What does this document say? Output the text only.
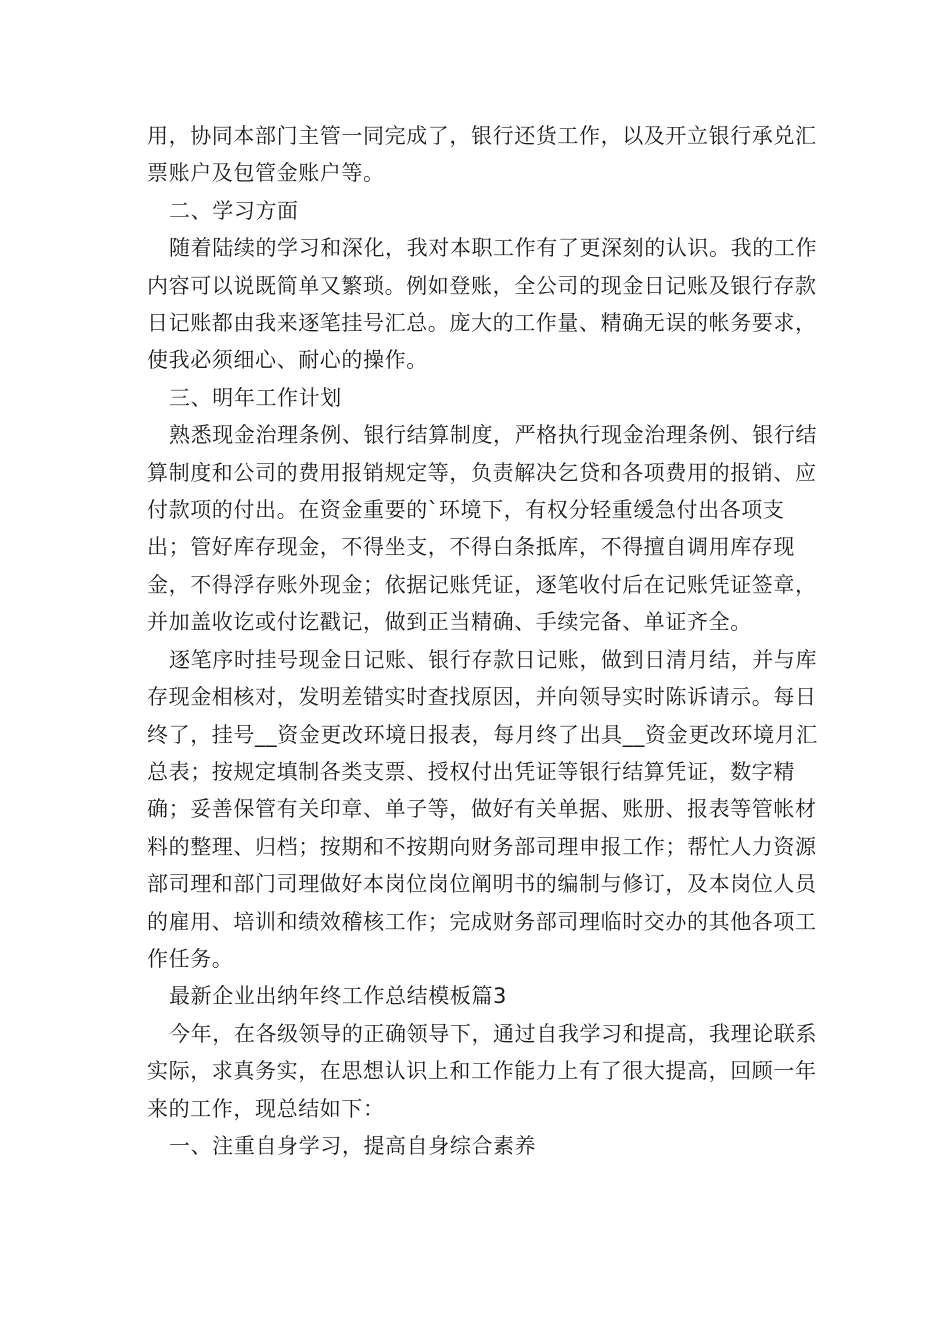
用，协同本部门主管一同完成了，银行还货工作，以及开立银行承兑汇票账户及包管金账户等。

二、学习方面

随着陆续的学习和深化，我对本职工作有了更深刻的认识。我的工作内容可以说既简单又繁琐。例如登账，全公司的现金日记账及银行存款日记账都由我来逐笔挂号汇总。庞大的工作量、精确无误的帐务要求，使我必须细心、耐心的操作。

三、明年工作计划

熟悉现金治理条例、银行结算制度，严格执行现金治理条例、银行结算制度和公司的费用报销规定等，负责解决乞贷和各项费用的报销、应付款项的付出。在资金重要的`环境下，有权分轻重缓急付出各项支出；管好库存现金，不得坐支，不得白条抵库，不得擅自调用库存现金，不得浮存账外现金；依据记账凭证，逐笔收付后在记账凭证签章，并加盖收讫或付讫戳记，做到正当精确、手续完备、单证齐全。

逐笔序时挂号现金日记账、银行存款日记账，做到日清月结，并与库存现金相核对，发明差错实时查找原因，并向领导实时陈诉请示。每日终了，挂号__资金更改环境日报表，每月终了出具__资金更改环境月汇总表；按规定填制各类支票、授权付出凭证等银行结算凭证，数字精确；妥善保管有关印章、单子等，做好有关单据、账册、报表等管帐材料的整理、归档；按期和不按期向财务部司理申报工作；帮忙人力资源部司理和部门司理做好本岗位岗位阐明书的编制与修订，及本岗位人员的雇用、培训和绩效稽核工作；完成财务部司理临时交办的其他各项工作任务。

最新企业出纳年终工作总结模板篇3

今年，在各级领导的正确领导下，通过自我学习和提高，我理论联系实际，求真务实，在思想认识上和工作能力上有了很大提高，回顾一年来的工作，现总结如下：

一、注重自身学习，提高自身综合素养
